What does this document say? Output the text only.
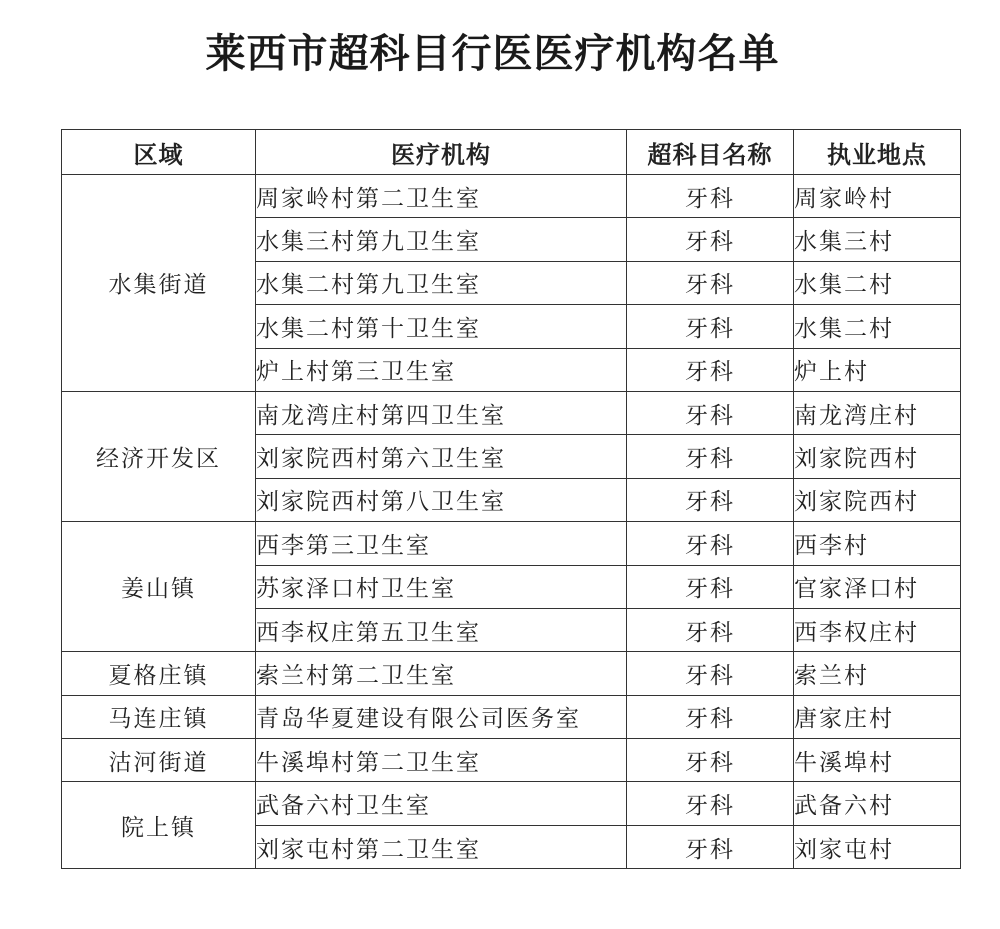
莱西市超科目行医医疗机构名单
区域	医疗机构	超科目名称	执业地点
水集街道	周家岭村第二卫生室	牙科	周家岭村
	水集三村第九卫生室	牙科	水集三村
	水集二村第九卫生室	牙科	水集二村
	水集二村第十卫生室	牙科	水集二村
	炉上村第三卫生室	牙科	炉上村
经济开发区	南龙湾庄村第四卫生室	牙科	南龙湾庄村
	刘家院西村第六卫生室	牙科	刘家院西村
	刘家院西村第八卫生室	牙科	刘家院西村
姜山镇	西李第三卫生室	牙科	西李村
	苏家泽口村卫生室	牙科	官家泽口村
	西李权庄第五卫生室	牙科	西李权庄村
夏格庄镇	索兰村第二卫生室	牙科	索兰村
马连庄镇	青岛华夏建设有限公司医务室	牙科	唐家庄村
沽河街道	牛溪埠村第二卫生室	牙科	牛溪埠村
院上镇	武备六村卫生室	牙科	武备六村
	刘家屯村第二卫生室	牙科	刘家屯村
